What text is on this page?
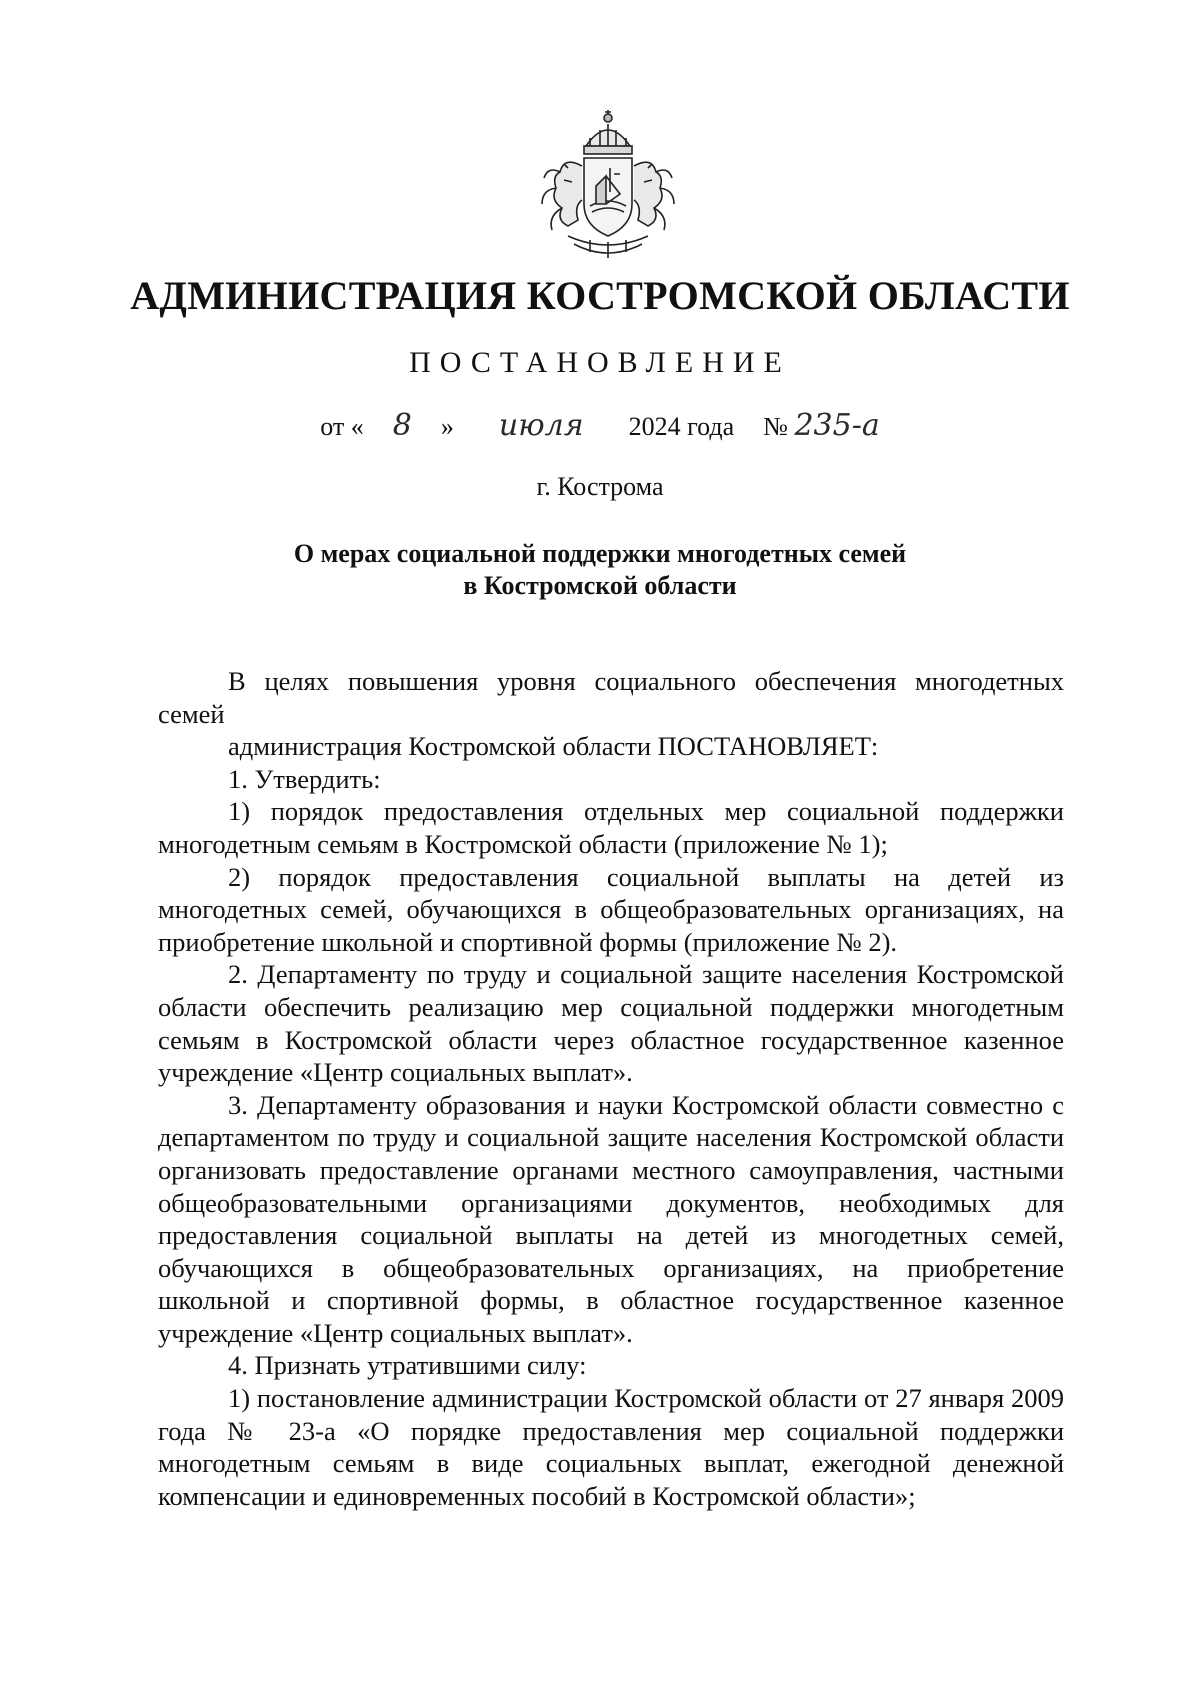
АДМИНИСТРАЦИЯ КОСТРОМСКОЙ ОБЛАСТИ
ПОСТАНОВЛЕНИЕ
от « 8 » июля 2024 года № 235-а
г. Кострома
О мерах социальной поддержки многодетных семей
в Костромской области

В целях повышения уровня социального обеспечения многодетных семей

администрация Костромской области ПОСТАНОВЛЯЕТ:

1. Утвердить:

1) порядок предоставления отдельных мер социальной поддержки многодетным семьям в Костромской области (приложение № 1);

2) порядок предоставления социальной выплаты на детей из многодетных семей, обучающихся в общеобразовательных организациях, на приобретение школьной и спортивной формы (приложение № 2).

2. Департаменту по труду и социальной защите населения Костромской области обеспечить реализацию мер социальной поддержки многодетным семьям в Костромской области через областное государственное казенное учреждение «Центр социальных выплат».

3. Департаменту образования и науки Костромской области совместно с департаментом по труду и социальной защите населения Костромской области организовать предоставление органами местного самоуправления, частными общеобразовательными организациями документов, необходимых для предоставления социальной выплаты на детей из многодетных семей, обучающихся в общеобразовательных организациях, на приобретение школьной и спортивной формы, в областное государственное казенное учреждение «Центр социальных выплат».

4. Признать утратившими силу:

1) постановление администрации Костромской области от 27 января 2009 года № 23-а «О порядке предоставления мер социальной поддержки многодетным семьям в виде социальных выплат, ежегодной денежной компенсации и единовременных пособий в Костромской области»;
